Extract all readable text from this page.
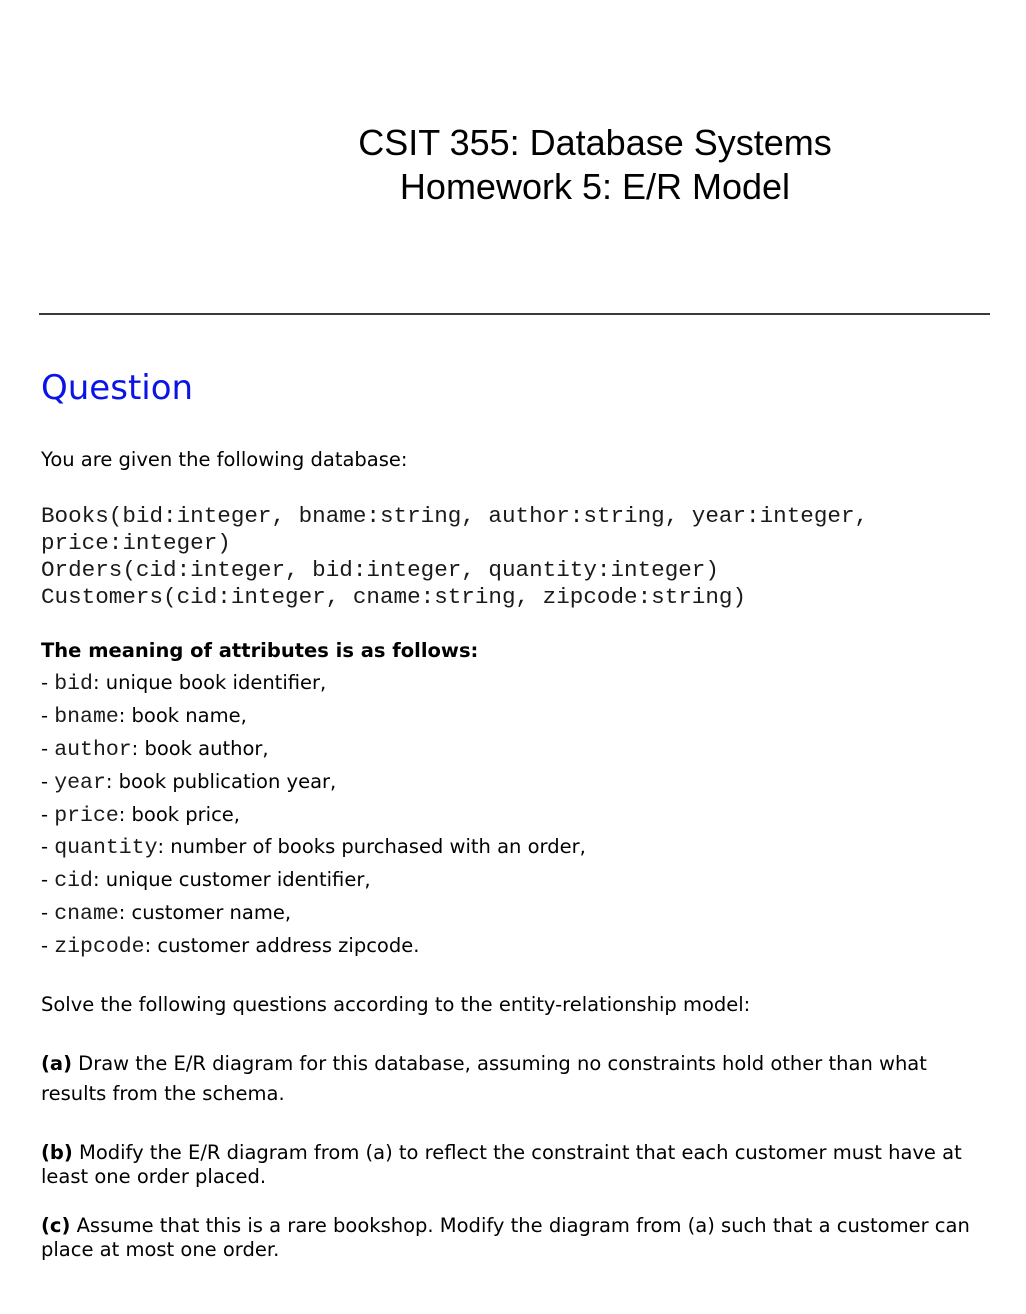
CSIT 355: Database Systems
Homework 5: E/R Model
Question

You are given the following database:

Books(bid:integer, bname:string, author:string, year:integer,
price:integer)
Orders(cid:integer, bid:integer, quantity:integer)
Customers(cid:integer, cname:string, zipcode:string)

The meaning of attributes is as follows:

- bid: unique book identifier,
- bname: book name,
- author: book author,
- year: book publication year,
- price: book price,
- quantity: number of books purchased with an order,
- cid: unique customer identifier,
- cname: customer name,
- zipcode: customer address zipcode.

Solve the following questions according to the entity-relationship model:

(a) Draw the E/R diagram for this database, assuming no constraints hold other than what results from the schema.

(b) Modify the E/R diagram from (a) to reflect the constraint that each customer must have at least one order placed.

(c) Assume that this is a rare bookshop. Modify the diagram from (a) such that a customer can place at most one order.
